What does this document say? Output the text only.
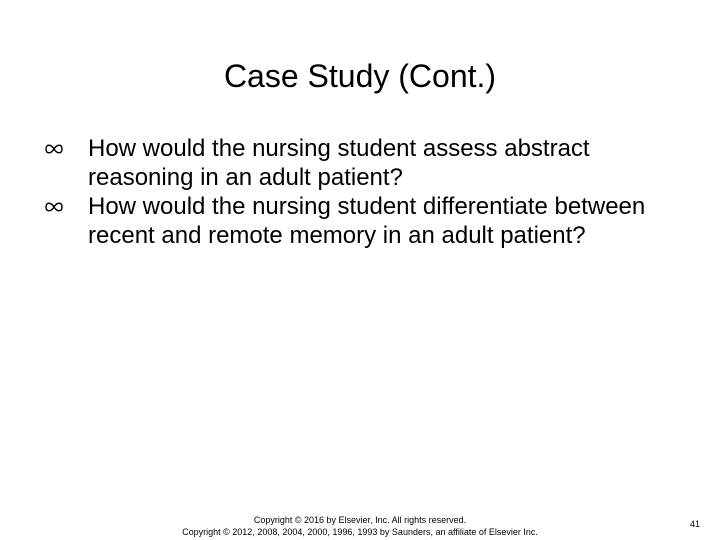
Case Study (Cont.)
How would the nursing student assess abstract reasoning in an adult patient?
How would the nursing student differentiate between recent and remote memory in an adult patient?
Copyright © 2016 by Elsevier, Inc. All rights reserved.
Copyright © 2012, 2008, 2004, 2000, 1996, 1993 by Saunders, an affiliate of Elsevier Inc.
41
